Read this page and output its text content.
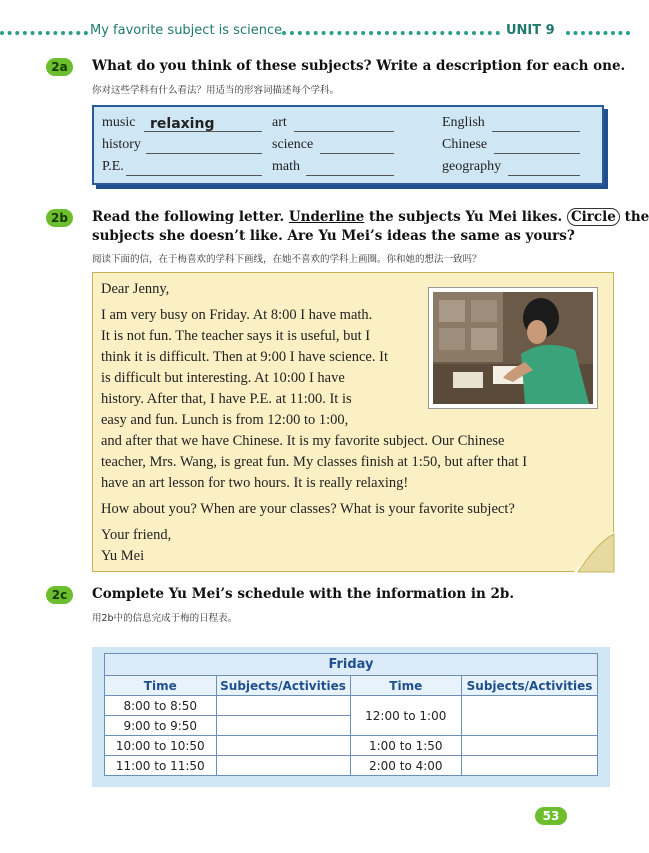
My favorite subject is science.	UNIT 9
2a	What do you think of these subjects? Write a description for each one.
你对这些学科有什么看法？用适当的形容词描述每个学科。
music relaxing	art	English
history	science	Chinese
P.E.	math	geography
2b	Read the following letter. Underline the subjects Yu Mei likes. Circle the
subjects she doesn’t like. Are Yu Mei’s ideas the same as yours?
阅读下面的信，在于梅喜欢的学科下画线，在她不喜欢的学科上画圈。你和她的想法一致吗？
Dear Jenny,
I am very busy on Friday. At 8:00 I have math.
It is not fun. The teacher says it is useful, but I
think it is difficult. Then at 9:00 I have science. It
is difficult but interesting. At 10:00 I have
history. After that, I have P.E. at 11:00. It is
easy and fun. Lunch is from 12:00 to 1:00,
and after that we have Chinese. It is my favorite subject. Our Chinese
teacher, Mrs. Wang, is great fun. My classes finish at 1:50, but after that I
have an art lesson for two hours. It is really relaxing!
How about you? When are your classes? What is your favorite subject?
Your friend,
Yu Mei
2c	Complete Yu Mei’s schedule with the information in 2b.
用2b中的信息完成于梅的日程表。
Friday			
Time	Subjects/Activities	Time	Subjects/Activities
8:00 to 8:50		12:00 to 1:00	
9:00 to 9:50			
10:00 to 10:50		1:00 to 1:50	
11:00 to 11:50		2:00 to 4:00	
53
